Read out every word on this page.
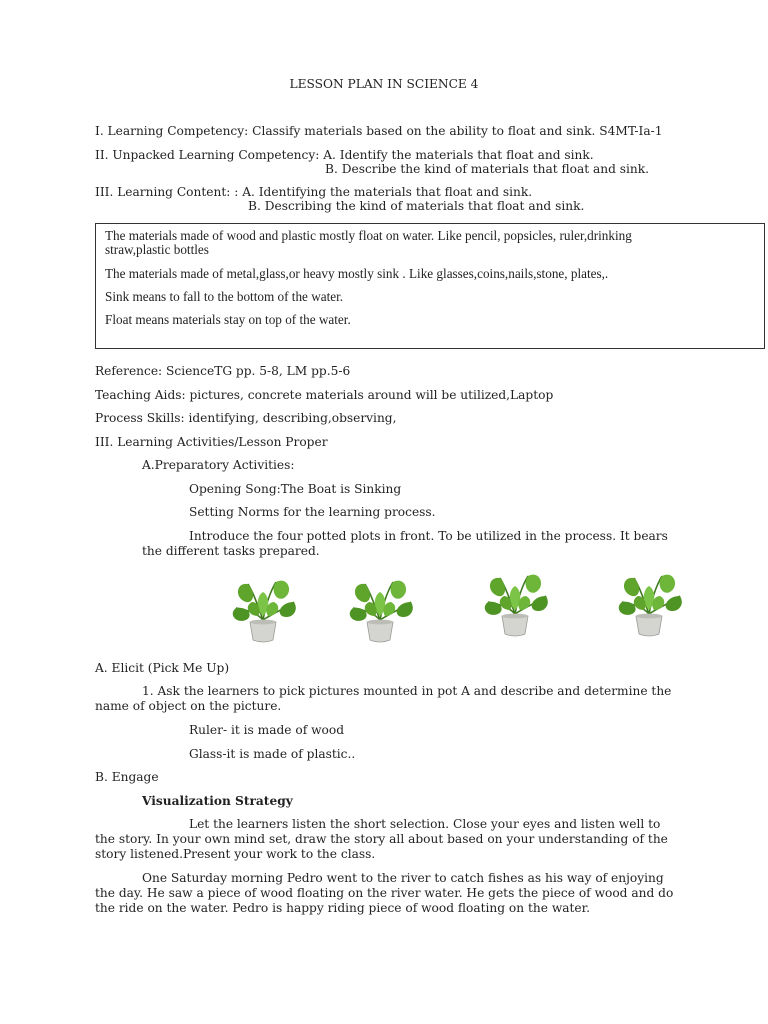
LESSON PLAN IN SCIENCE 4
I. Learning Competency: Classify materials based on the ability to float and sink. S4MT-Ia-1
II. Unpacked Learning Competency: A. Identify the materials that float and sink.
B. Describe the kind of materials that float and sink.
III. Learning Content: : A. Identifying the materials that float and sink.
B. Describing the kind of materials that float and sink.
The materials made of wood and plastic mostly float on water. Like pencil, popsicles, ruler,drinking
straw,plastic bottles
The materials made of metal,glass,or heavy mostly sink . Like glasses,coins,nails,stone, plates,.
Sink means to fall to the bottom of the water.
Float means materials stay on top of the water.
Reference: ScienceTG pp. 5-8, LM pp.5-6
Teaching Aids: pictures, concrete materials around will be utilized,Laptop
Process Skills: identifying, describing,observing,
III. Learning Activities/Lesson Proper
A.Preparatory Activities:
Opening Song:The Boat is Sinking
Setting Norms for the learning process.
Introduce the four potted plots in front. To be utilized in the process. It bears
the different tasks prepared.
A. Elicit (Pick Me Up)
1. Ask the learners to pick pictures mounted in pot A and describe and determine the
name of object on the picture.
Ruler- it is made of wood
Glass-it is made of plastic..
B. Engage
Visualization Strategy
Let the learners listen the short selection. Close your eyes and listen well to
the story. In your own mind set, draw the story all about based on your understanding of the
story listened.Present your work to the class.
One Saturday morning Pedro went to the river to catch fishes as his way of enjoying
the day. He saw a piece of wood floating on the river water. He gets the piece of wood and do
the ride on the water. Pedro is happy riding piece of wood floating on the water.
